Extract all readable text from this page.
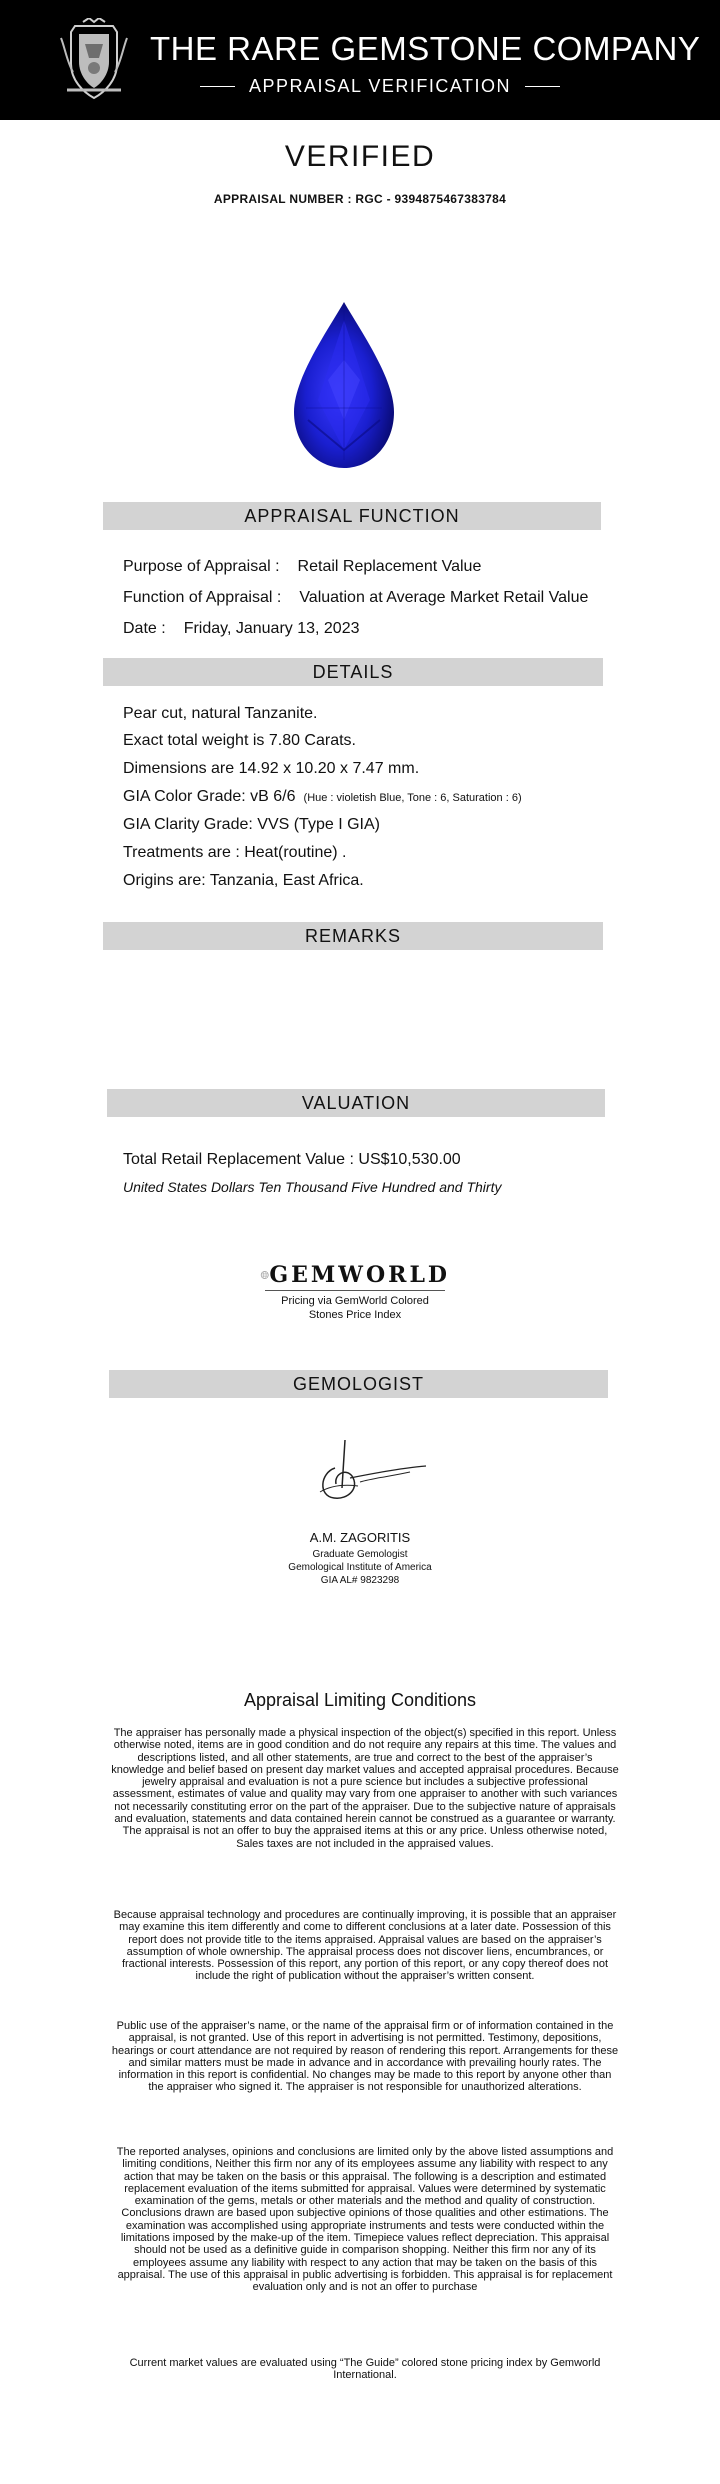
THE RARE GEMSTONE COMPANY
APPRAISAL VERIFICATION
VERIFIED
APPRAISAL NUMBER : RGC - 9394875467383784
APPRAISAL FUNCTION
Purpose of Appraisal : Retail Replacement Value
Function of Appraisal : Valuation at Average Market Retail Value
Date : Friday, January 13, 2023
DETAILS
Pear cut, natural Tanzanite.
Exact total weight is 7.80 Carats.
Dimensions are 14.92 x 10.20 x 7.47 mm.
GIA Color Grade: vB 6/6 (Hue : violetish Blue, Tone : 6, Saturation : 6)
GIA Clarity Grade: VVS (Type I GIA)
Treatments are : Heat(routine) .
Origins are: Tanzania, East Africa.
REMARKS
VALUATION
Total Retail Replacement Value : US$10,530.00
United States Dollars Ten Thousand Five Hundred and Thirty
GEMWORLD
Pricing via GemWorld Colored
Stones Price Index
GEMOLOGIST
A.M. ZAGORITIS
Graduate Gemologist
Gemological Institute of America
GIA AL# 9823298
Appraisal Limiting Conditions
The appraiser has personally made a physical inspection of the object(s) specified in this report. Unless otherwise noted, items are in good condition and do not require any repairs at this time. The values and descriptions listed, and all other statements, are true and correct to the best of the appraiser’s knowledge and belief based on present day market values and accepted appraisal procedures. Because jewelry appraisal and evaluation is not a pure science but includes a subjective professional assessment, estimates of value and quality may vary from one appraiser to another with such variances not necessarily constituting error on the part of the appraiser. Due to the subjective nature of appraisals and evaluation, statements and data contained herein cannot be construed as a guarantee or warranty. The appraisal is not an offer to buy the appraised items at this or any price. Unless otherwise noted, Sales taxes are not included in the appraised values.
Because appraisal technology and procedures are continually improving, it is possible that an appraiser may examine this item differently and come to different conclusions at a later date. Possession of this report does not provide title to the items appraised. Appraisal values are based on the appraiser’s assumption of whole ownership. The appraisal process does not discover liens, encumbrances, or fractional interests. Possession of this report, any portion of this report, or any copy thereof does not include the right of publication without the appraiser’s written consent.
Public use of the appraiser’s name, or the name of the appraisal firm or of information contained in the appraisal, is not granted. Use of this report in advertising is not permitted. Testimony, depositions, hearings or court attendance are not required by reason of rendering this report. Arrangements for these and similar matters must be made in advance and in accordance with prevailing hourly rates. The information in this report is confidential. No changes may be made to this report by anyone other than the appraiser who signed it. The appraiser is not responsible for unauthorized alterations.
The reported analyses, opinions and conclusions are limited only by the above listed assumptions and limiting conditions, Neither this firm nor any of its employees assume any liability with respect to any action that may be taken on the basis or this appraisal. The following is a description and estimated replacement evaluation of the items submitted for appraisal. Values were determined by systematic examination of the gems, metals or other materials and the method and quality of construction. Conclusions drawn are based upon subjective opinions of those qualities and other estimations. The examination was accomplished using appropriate instruments and tests were conducted within the limitations imposed by the make-up of the item. Timepiece values reflect depreciation. This appraisal should not be used as a definitive guide in comparison shopping. Neither this firm nor any of its employees assume any liability with respect to any action that may be taken on the basis of this appraisal. The use of this appraisal in public advertising is forbidden. This appraisal is for replacement evaluation only and is not an offer to purchase
Current market values are evaluated using “The Guide” colored stone pricing index by Gemworld International.
